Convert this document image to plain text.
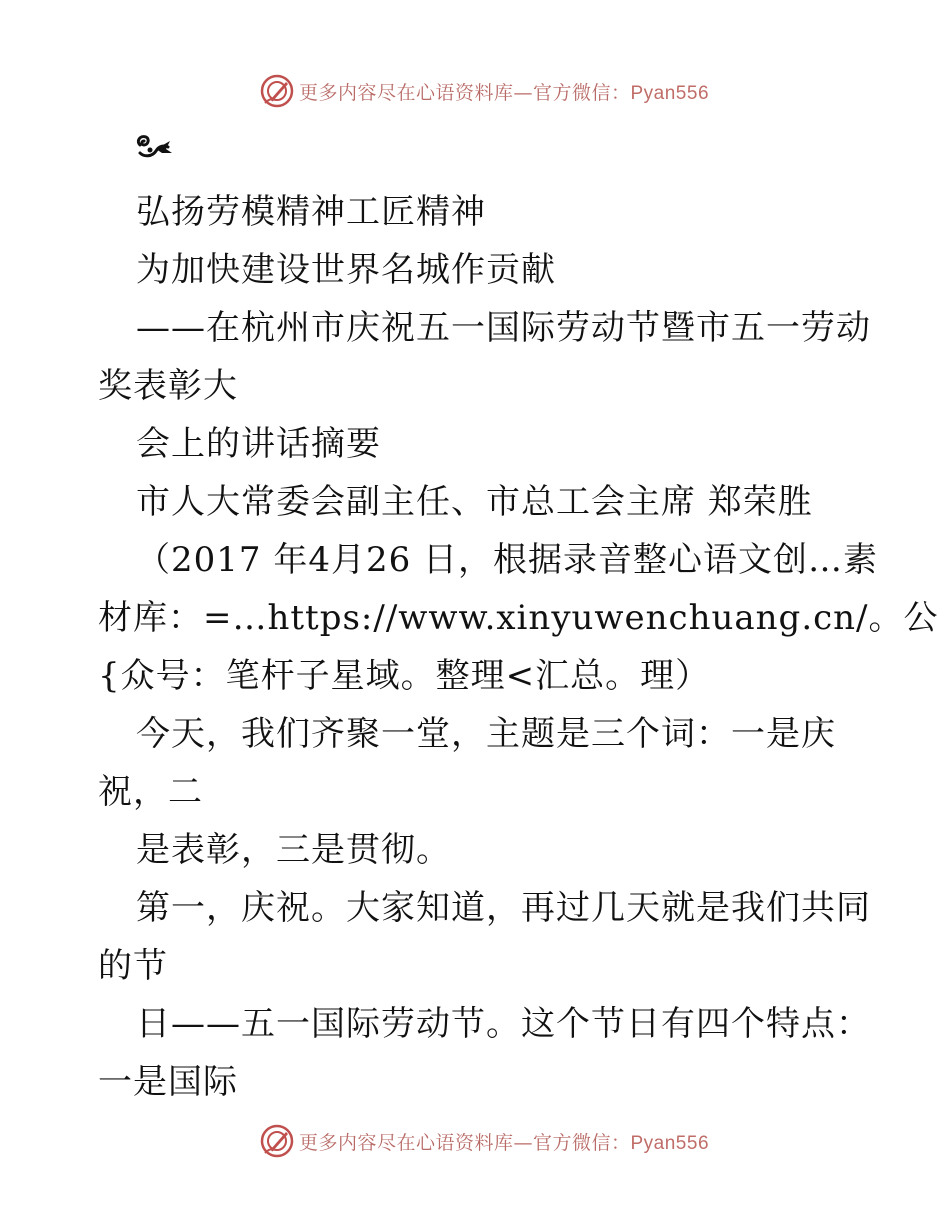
更多内容尽在心语资料库—官方微信：Pyan556
弘扬劳模精神工匠精神
为加快建设世界名城作贡献
——在杭州市庆祝五一国际劳动节暨市五一劳动
奖表彰大
会上的讲话摘要
市人大常委会副主任、市总工会主席 郑荣胜
（2017 年4月26 日，根据录音整心语文创…素
材库：=…https://www.xinyuwenchuang.cn/。公
{众号：笔杆子星域。整理<汇总。理）
今天，我们齐聚一堂，主题是三个词：一是庆
祝，二
是表彰，三是贯彻。
第一，庆祝。大家知道，再过几天就是我们共同
的节
日——五一国际劳动节。这个节日有四个特点：
一是国际
更多内容尽在心语资料库—官方微信：Pyan556
